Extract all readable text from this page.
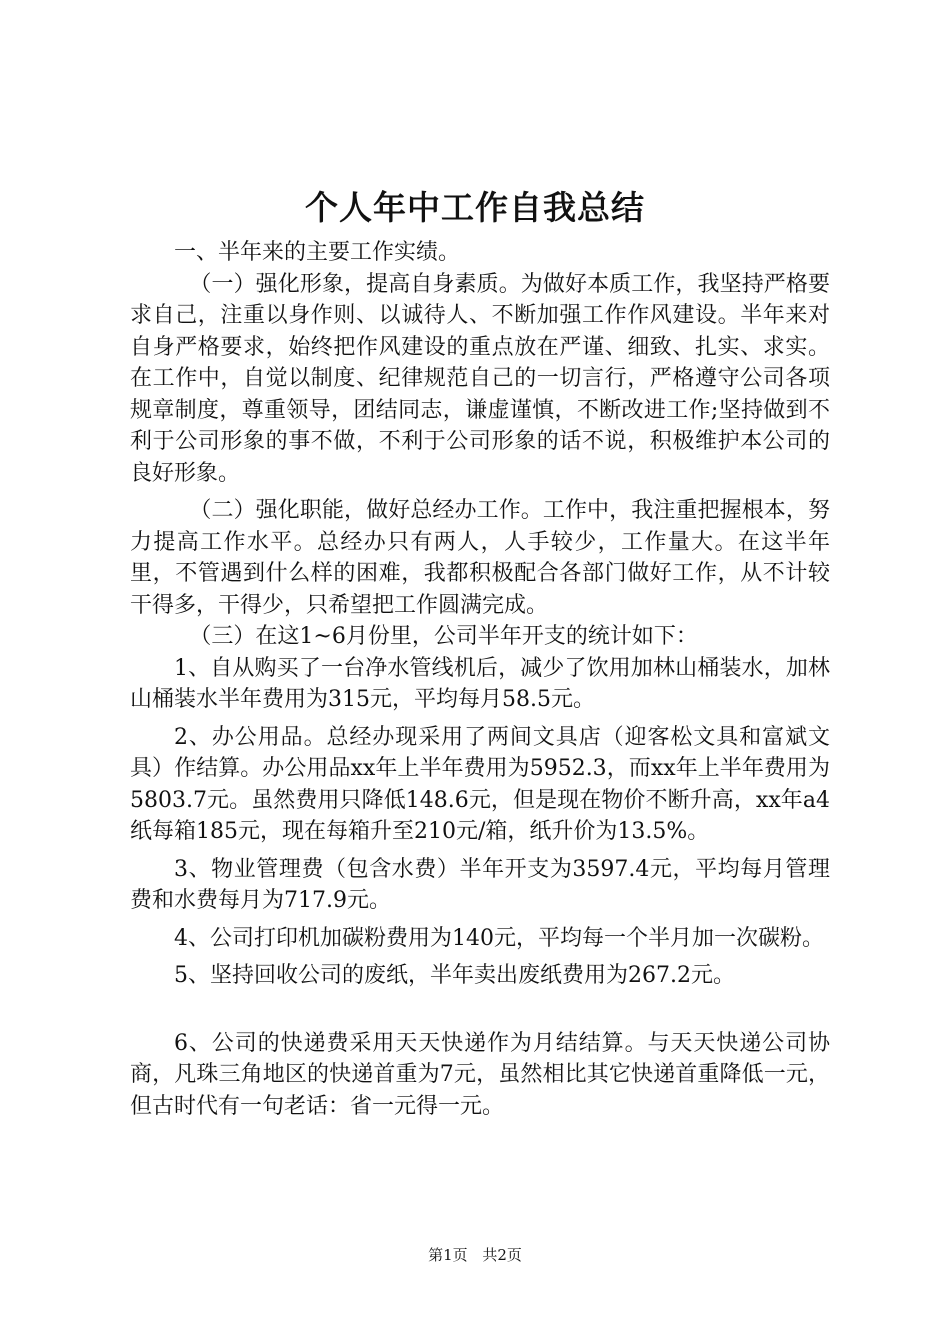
个人年中工作自我总结

一、半年来的主要工作实绩。

（一）强化形象，提高自身素质。为做好本质工作，我坚持严格要求自己，注重以身作则、以诚待人、不断加强工作作风建设。半年来对自身严格要求，始终把作风建设的重点放在严谨、细致、扎实、求实。在工作中，自觉以制度、纪律规范自己的一切言行，严格遵守公司各项规章制度，尊重领导，团结同志，谦虚谨慎，不断改进工作;坚持做到不利于公司形象的事不做，不利于公司形象的话不说，积极维护本公司的良好形象。

（二）强化职能，做好总经办工作。工作中，我注重把握根本，努力提高工作水平。总经办只有两人，人手较少，工作量大。在这半年里，不管遇到什么样的困难，我都积极配合各部门做好工作，从不计较干得多，干得少，只希望把工作圆满完成。

（三）在这1~6月份里，公司半年开支的统计如下：

1、自从购买了一台净水管线机后，减少了饮用加林山桶装水，加林山桶装水半年费用为315元，平均每月58.5元。

2、办公用品。总经办现采用了两间文具店（迎客松文具和富斌文具）作结算。办公用品xx年上半年费用为5952.3，而xx年上半年费用为5803.7元。虽然费用只降低148.6元，但是现在物价不断升高，xx年a4纸每箱185元，现在每箱升至210元/箱，纸升价为13.5%。

3、物业管理费（包含水费）半年开支为3597.4元，平均每月管理费和水费每月为717.9元。

4、公司打印机加碳粉费用为140元，平均每一个半月加一次碳粉。

5、坚持回收公司的废纸，半年卖出废纸费用为267.2元。

6、公司的快递费采用天天快递作为月结结算。与天天快递公司协商，凡珠三角地区的快递首重为7元，虽然相比其它快递首重降低一元，但古时代有一句老话：省一元得一元。

第1页 共2页
